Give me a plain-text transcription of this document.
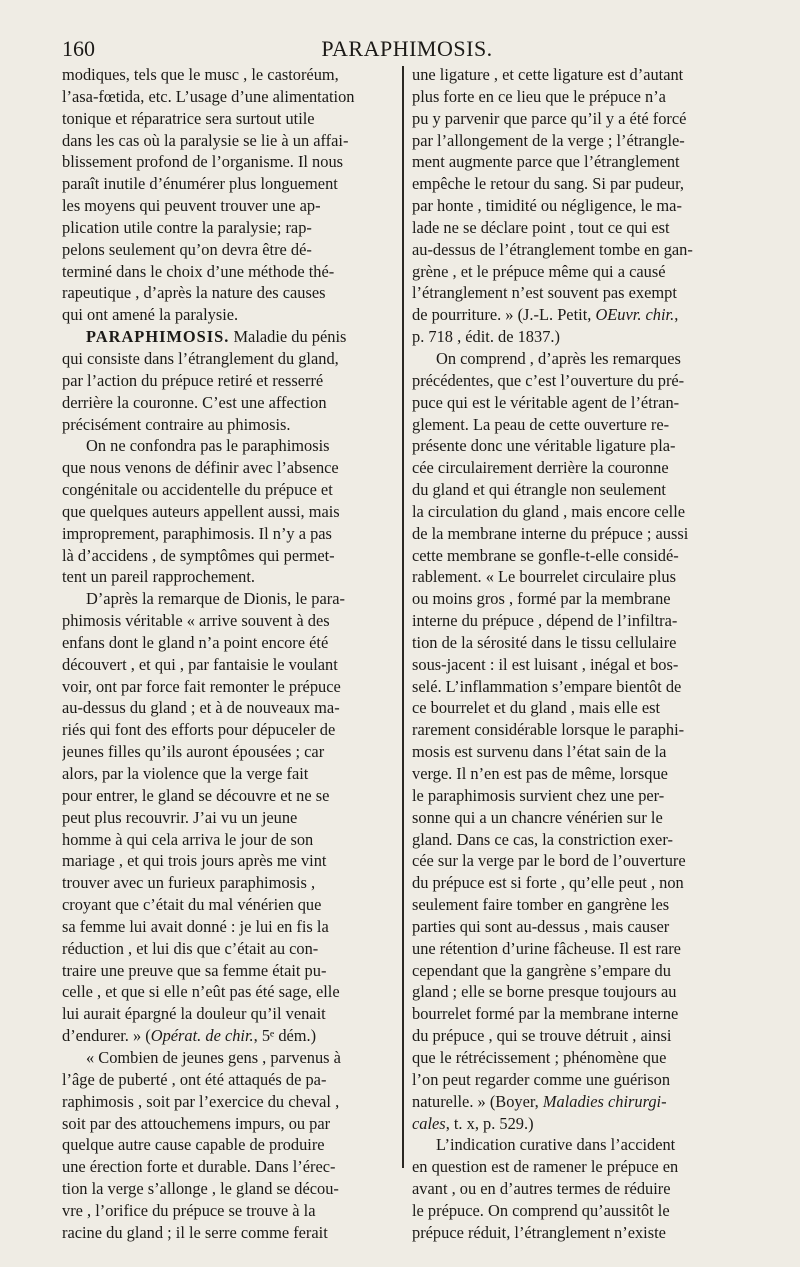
160	PARAPHIMOSIS.
modiques, tels que le musc , le castoréum,
l’asa-fœtida, etc. L’usage d’une alimentation
tonique et réparatrice sera surtout utile
dans les cas où la paralysie se lie à un affai-
blissement profond de l’organisme. Il nous
paraît inutile d’énumérer plus longuement
les moyens qui peuvent trouver une ap-
plication utile contre la paralysie; rap-
pelons seulement qu’on devra être dé-
terminé dans le choix d’une méthode thé-
rapeutique , d’après la nature des causes
qui ont amené la paralysie.
PARAPHIMOSIS. Maladie du pénis
qui consiste dans l’étranglement du gland,
par l’action du prépuce retiré et resserré
derrière la couronne. C’est une affection
précisément contraire au phimosis.
On ne confondra pas le paraphimosis
que nous venons de définir avec l’absence
congénitale ou accidentelle du prépuce et
que quelques auteurs appellent aussi, mais
improprement, paraphimosis. Il n’y a pas
là d’accidens , de symptômes qui permet-
tent un pareil rapprochement.
D’après la remarque de Dionis, le para-
phimosis véritable « arrive souvent à des
enfans dont le gland n’a point encore été
découvert , et qui , par fantaisie le voulant
voir, ont par force fait remonter le prépuce
au-dessus du gland ; et à de nouveaux ma-
riés qui font des efforts pour dépuceler de
jeunes filles qu’ils auront épousées ; car
alors, par la violence que la verge fait
pour entrer, le gland se découvre et ne se
peut plus recouvrir. J’ai vu un jeune
homme à qui cela arriva le jour de son
mariage , et qui trois jours après me vint
trouver avec un furieux paraphimosis ,
croyant que c’était du mal vénérien que
sa femme lui avait donné : je lui en fis la
réduction , et lui dis que c’était au con-
traire une preuve que sa femme était pu-
celle , et que si elle n’eût pas été sage, elle
lui aurait épargné la douleur qu’il venait
d’endurer. » (Opérat. de chir., 5ᵉ dém.)
« Combien de jeunes gens , parvenus à
l’âge de puberté , ont été attaqués de pa-
raphimosis , soit par l’exercice du cheval ,
soit par des attouchemens impurs, ou par
quelque autre cause capable de produire
une érection forte et durable. Dans l’érec-
tion la verge s’allonge , le gland se décou-
vre , l’orifice du prépuce se trouve à la
racine du gland ; il le serre comme ferait
une ligature , et cette ligature est d’autant
plus forte en ce lieu que le prépuce n’a
pu y parvenir que parce qu’il y a été forcé
par l’allongement de la verge ; l’étrangle-
ment augmente parce que l’étranglement
empêche le retour du sang. Si par pudeur,
par honte , timidité ou négligence, le ma-
lade ne se déclare point , tout ce qui est
au-dessus de l’étranglement tombe en gan-
grène , et le prépuce même qui a causé
l’étranglement n’est souvent pas exempt
de pourriture. » (J.-L. Petit, OEuvr. chir.,
p. 718 , édit. de 1837.)
On comprend , d’après les remarques
précédentes, que c’est l’ouverture du pré-
puce qui est le véritable agent de l’étran-
glement. La peau de cette ouverture re-
présente donc une véritable ligature pla-
cée circulairement derrière la couronne
du gland et qui étrangle non seulement
la circulation du gland , mais encore celle
de la membrane interne du prépuce ; aussi
cette membrane se gonfle-t-elle considé-
rablement. « Le bourrelet circulaire plus
ou moins gros , formé par la membrane
interne du prépuce , dépend de l’infiltra-
tion de la sérosité dans le tissu cellulaire
sous-jacent : il est luisant , inégal et bos-
selé. L’inflammation s’empare bientôt de
ce bourrelet et du gland , mais elle est
rarement considérable lorsque le paraphi-
mosis est survenu dans l’état sain de la
verge. Il n’en est pas de même, lorsque
le paraphimosis survient chez une per-
sonne qui a un chancre vénérien sur le
gland. Dans ce cas, la constriction exer-
cée sur la verge par le bord de l’ouverture
du prépuce est si forte , qu’elle peut , non
seulement faire tomber en gangrène les
parties qui sont au-dessus , mais causer
une rétention d’urine fâcheuse. Il est rare
cependant que la gangrène s’empare du
gland ; elle se borne presque toujours au
bourrelet formé par la membrane interne
du prépuce , qui se trouve détruit , ainsi
que le rétrécissement ; phénomène que
l’on peut regarder comme une guérison
naturelle. » (Boyer, Maladies chirurgi-
cales, t. x, p. 529.)
L’indication curative dans l’accident
en question est de ramener le prépuce en
avant , ou en d’autres termes de réduire
le prépuce. On comprend qu’aussitôt le
prépuce réduit, l’étranglement n’existe
